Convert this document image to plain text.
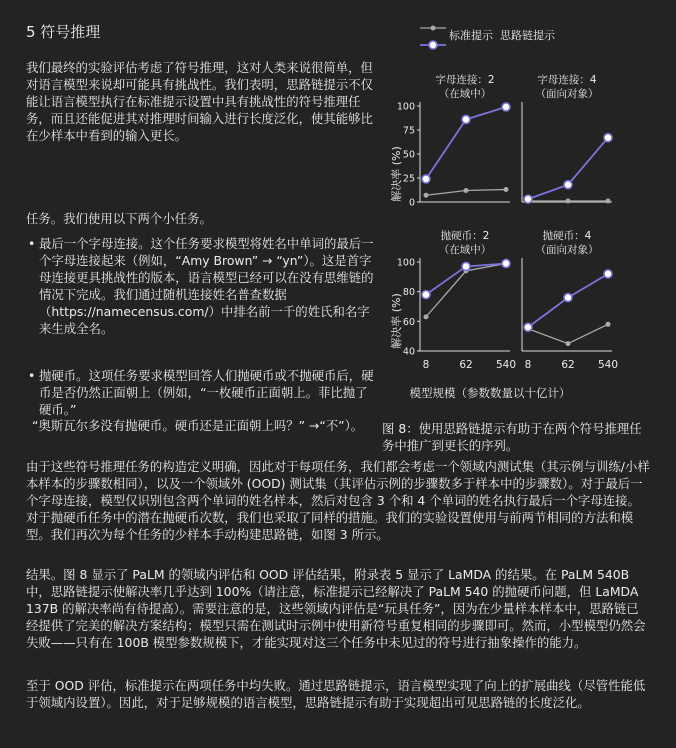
5 符号推理
我们最终的实验评估考虑了符号推理，这对人类来说很简单，但对语言模型来说却可能具有挑战性。我们表明，思路链提示不仅能让语言模型执行在标准提示设置中具有挑战性的符号推理任务，而且还能促进其对推理时间输入进行长度泛化，使其能够比在少样本中看到的输入更长。
任务。我们使用以下两个小任务。
• 最后一个字母连接。这个任务要求模型将姓名中单词的最后一个字母连接起来（例如，“Amy Brown” → “yn”）。这是首字母连接更具挑战性的版本，语言模型已经可以在没有思维链的情况下完成。我们通过随机连接姓名普查数据（https://namecensus.com/）中排名前一千的姓氏和名字来生成全名。
• 抛硬币。这项任务要求模型回答人们抛硬币或不抛硬币后，硬币是否仍然正面朝上（例如，“一枚硬币正面朝上。菲比抛了硬币。”
“奥斯瓦尔多没有抛硬币。硬币还是正面朝上吗？” →“不”）。
标准提示 思路链提示
字母连接：2
（在域中）
0
25
50
75
100
字母连接：4
（面向对象）
抛硬币：2
（在域中）
40
60
80
100
8	62 540
抛硬币：4
（面向对象）
8	62 540
解决率 (%)
解决率 (%)
模型规模（参数数量以十亿计）
图 8：使用思路链提示有助于在两个符号推理任务中推广到更长的序列。
由于这些符号推理任务的构造定义明确，因此对于每项任务，我们都会考虑一个领域内测试集（其示例与训练/小样本样本的步骤数相同），以及一个领域外 (OOD) 测试集（其评估示例的步骤数多于样本中的步骤数）。对于最后一个字母连接，模型仅识别包含两个单词的姓名样本，然后对包含 3 个和 4 个单词的姓名执行最后一个字母连接。对于抛硬币任务中的潜在抛硬币次数，我们也采取了同样的措施。我们的实验设置使用与前两节相同的方法和模型。我们再次为每个任务的少样本手动构建思路链，如图 3 所示。
结果。图 8 显示了 PaLM 的领域内评估和 OOD 评估结果，附录表 5 显示了 LaMDA 的结果。在 PaLM 540B 中，思路链提示使解决率几乎达到 100%（请注意，标准提示已经解决了 PaLM 540 的抛硬币问题，但 LaMDA 137B 的解决率尚有待提高）。需要注意的是，这些领域内评估是“玩具任务”，因为在少量样本样本中，思路链已经提供了完美的解决方案结构；模型只需在测试时示例中使用新符号重复相同的步骤即可。然而，小型模型仍然会失败——只有在 100B 模型参数规模下，才能实现对这三个任务中未见过的符号进行抽象操作的能力。
至于 OOD 评估，标准提示在两项任务中均失败。通过思路链提示，语言模型实现了向上的扩展曲线（尽管性能低于领域内设置）。因此，对于足够规模的语言模型，思路链提示有助于实现超出可见思路链的长度泛化。
